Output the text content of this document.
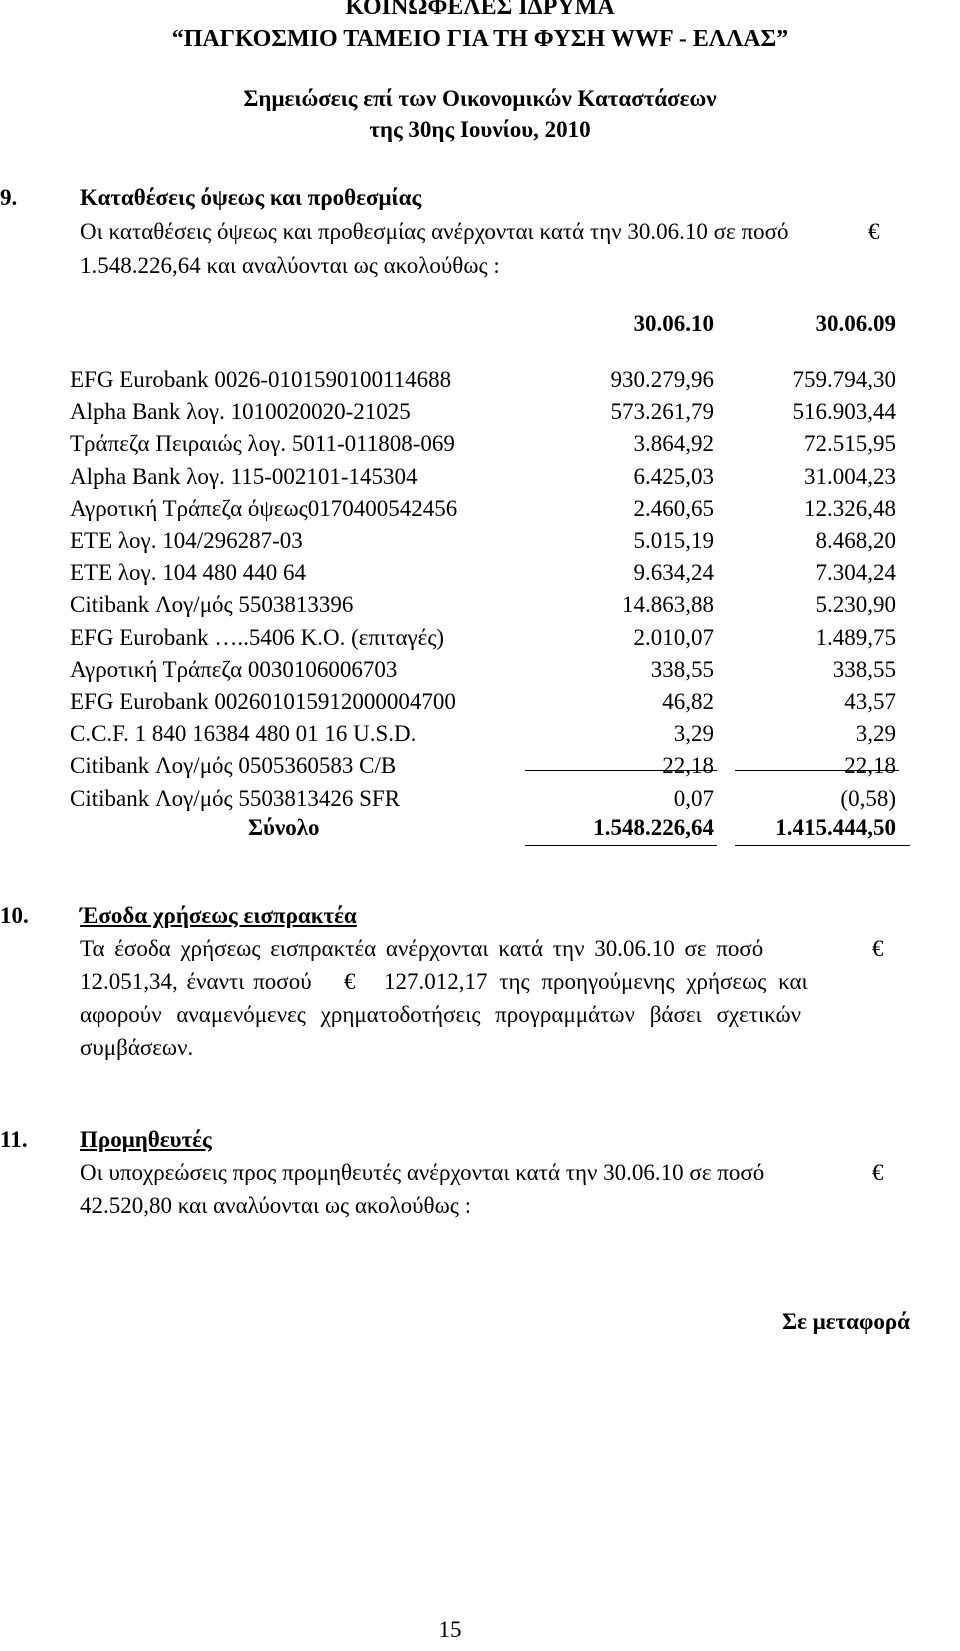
ΚΟΙΝΩΦΕΛΕΣ ΙΔΡΥΜΑ
“ΠΑΓΚΟΣΜΙΟ ΤΑΜΕΙΟ ΓΙΑ ΤΗ ΦΥΣΗ WWF - ΕΛΛΑΣ”
Σημειώσεις επί των Οικονομικών Καταστάσεων
της 30ης Ιουνίου, 2010
9.	Καταθέσεις όψεως και προθεσμίας
Οι καταθέσεις όψεως και προθεσμίας ανέρχονται κατά την 30.06.10 σε ποσό	€
1.548.226,64 και αναλύονται ως ακολούθως :
30.06.10	30.06.09
EFG Eurobank 0026-0101590100114688	930.279,96	759.794,30
Alpha Bank λογ. 1010020020-21025	573.261,79	516.903,44
Τράπεζα Πειραιώς λογ. 5011-011808-069	3.864,92	72.515,95
Alpha Bank λογ. 115-002101-145304	6.425,03	31.004,23
Αγροτική Τράπεζα όψεως0170400542456	2.460,65	12.326,48
ΕΤΕ λογ. 104/296287-03	5.015,19	8.468,20
ΕΤΕ λογ. 104 480 440 64	9.634,24	7.304,24
Citibank Λογ/μός 5503813396	14.863,88	5.230,90
EFG Eurobank …..5406 Κ.Ο. (επιταγές)	2.010,07	1.489,75
Αγροτική Τράπεζα 0030106006703	338,55	338,55
EFG Eurobank 002601015912000004700	46,82	43,57
C.C.F. 1 840 16384 480 01 16 U.S.D.	3,29	3,29
Citibank Λογ/μός 0505360583 C/B	22,18	22,18
Citibank Λογ/μός 5503813426 SFR	0,07	(0,58)
Σύνολο	1.548.226,64	1.415.444,50
10. Έσοδα χρήσεως εισπρακτέα
Τα έσοδα χρήσεως εισπρακτέα ανέρχονται κατά την 30.06.10 σε ποσό	€
12.051,34, έναντι ποσού € 127.012,17 της προηγούμενης χρήσεως και
αφορούν αναμενόμενες χρηματοδοτήσεις προγραμμάτων βάσει σχετικών
συμβάσεων.
11. Προμηθευτές
Οι υποχρεώσεις προς προμηθευτές ανέρχονται κατά την 30.06.10 σε ποσό	€
42.520,80 και αναλύονται ως ακολούθως :
Σε μεταφορά
15
